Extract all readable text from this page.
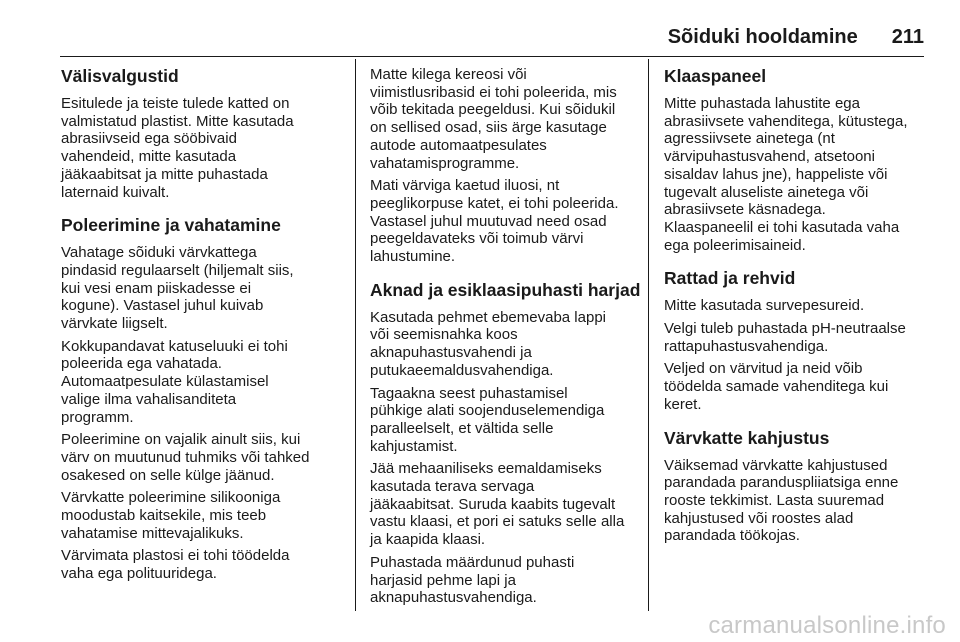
Sõiduki hooldamine 211
Välisvalgustid

Esitulede ja teiste tulede katted on
valmistatud plastist. Mitte kasutada
abrasiivseid ega sööbivaid
vahendeid, mitte kasutada
jääkaabitsat ja mitte puhastada
laternaid kuivalt.

Poleerimine ja vahatamine

Vahatage sõiduki värvkattega
pindasid regulaarselt (hiljemalt siis,
kui vesi enam piiskadesse ei
kogune). Vastasel juhul kuivab
värvkate liigselt.

Kokkupandavat katuseluuki ei tohi
poleerida ega vahatada.
Automaatpesulate külastamisel
valige ilma vahalisanditeta
programm.

Poleerimine on vajalik ainult siis, kui
värv on muutunud tuhmiks või tahked
osakesed on selle külge jäänud.

Värvkatte poleerimine silikooniga
moodustab kaitsekile, mis teeb
vahatamise mittevajalikuks.

Värvimata plastosi ei tohi töödelda
vaha ega polituuridega.

Matte kilega kereosi või
viimistlusribasid ei tohi poleerida, mis
võib tekitada peegeldusi. Kui sõidukil
on sellised osad, siis ärge kasutage
autode automaatpesulates
vahatamisprogramme.

Mati värviga kaetud iluosi, nt
peeglikorpuse katet, ei tohi poleerida.
Vastasel juhul muutuvad need osad
peegeldavateks või toimub värvi
lahustumine.

Aknad ja esiklaasipuhasti harjad

Kasutada pehmet ebemevaba lappi
või seemisnahka koos
aknapuhastusvahendi ja
putukaeemaldusvahendiga.

Tagaakna seest puhastamisel
pühkige alati soojenduselemendiga
paralleelselt, et vältida selle
kahjustamist.

Jää mehaaniliseks eemaldamiseks
kasutada terava servaga
jääkaabitsat. Suruda kaabits tugevalt
vastu klaasi, et pori ei satuks selle alla
ja kaapida klaasi.

Puhastada määrdunud puhasti
harjasid pehme lapi ja
aknapuhastusvahendiga.

Klaaspaneel

Mitte puhastada lahustite ega
abrasiivsete vahenditega, kütustega,
agressiivsete ainetega (nt
värvipuhastusvahend, atsetooni
sisaldav lahus jne), happeliste või
tugevalt aluseliste ainetega või
abrasiivsete käsnadega.
Klaaspaneelil ei tohi kasutada vaha
ega poleerimisaineid.

Rattad ja rehvid

Mitte kasutada survepesureid.

Velgi tuleb puhastada pH-neutraalse
rattapuhastusvahendiga.

Veljed on värvitud ja neid võib
töödelda samade vahenditega kui
keret.

Värvkatte kahjustus

Väiksemad värvkatte kahjustused
parandada paranduspliiatsiga enne
rooste tekkimist. Lasta suuremad
kahjustused või roostes alad
parandada töökojas.

carmanualsonline.info
